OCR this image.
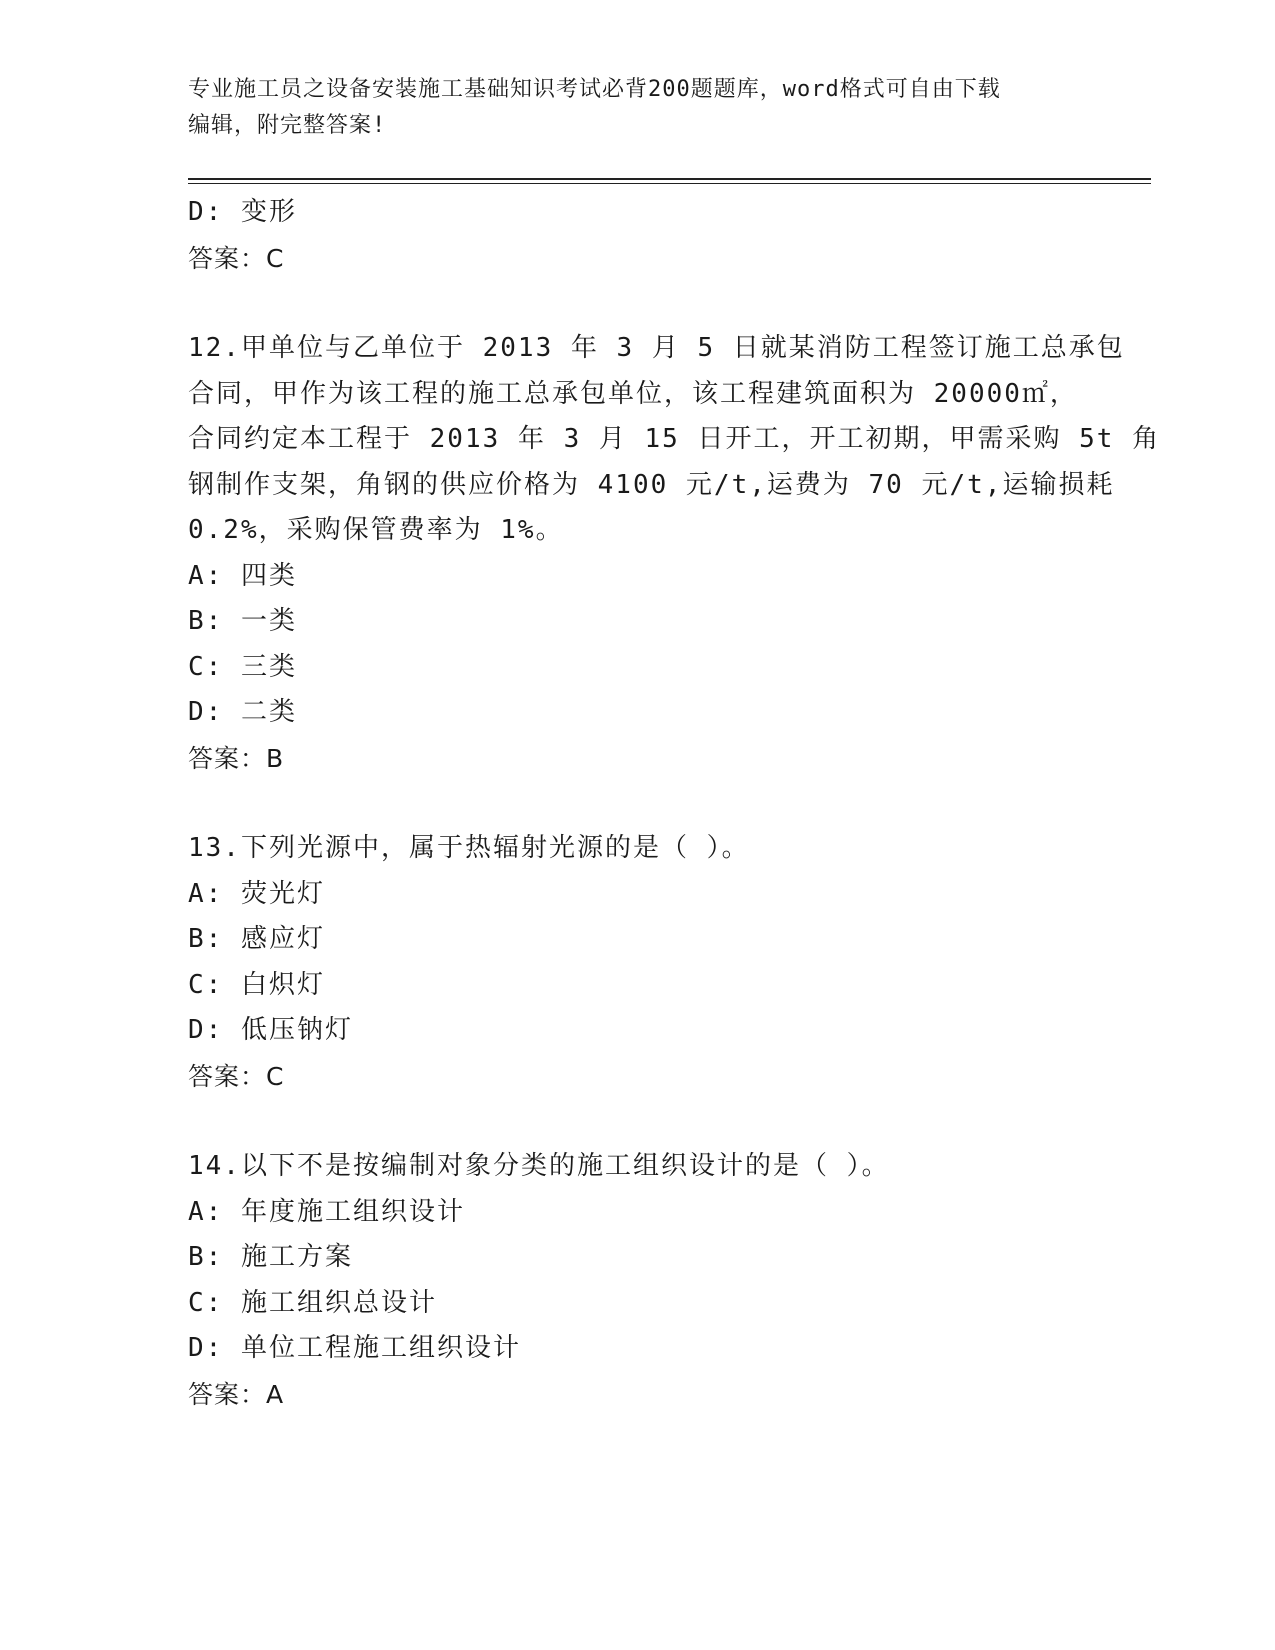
专业施工员之设备安装施工基础知识考试必背200题题库，word格式可自由下载
编辑，附完整答案!
D: 变形
答案：C
12.甲单位与乙单位于 2013 年 3 月 5 日就某消防工程签订施工总承包
合同，甲作为该工程的施工总承包单位，该工程建筑面积为 20000㎡，
合同约定本工程于 2013 年 3 月 15 日开工，开工初期，甲需采购 5t 角
钢制作支架，角钢的供应价格为 4100 元/t,运费为 70 元/t,运输损耗
0.2%，采购保管费率为 1%。
A: 四类
B: 一类
C: 三类
D: 二类
答案：B
13.下列光源中，属于热辐射光源的是（ ）。
A: 荧光灯
B: 感应灯
C: 白炽灯
D: 低压钠灯
答案：C
14.以下不是按编制对象分类的施工组织设计的是（ ）。
A: 年度施工组织设计
B: 施工方案
C: 施工组织总设计
D: 单位工程施工组织设计
答案：A
